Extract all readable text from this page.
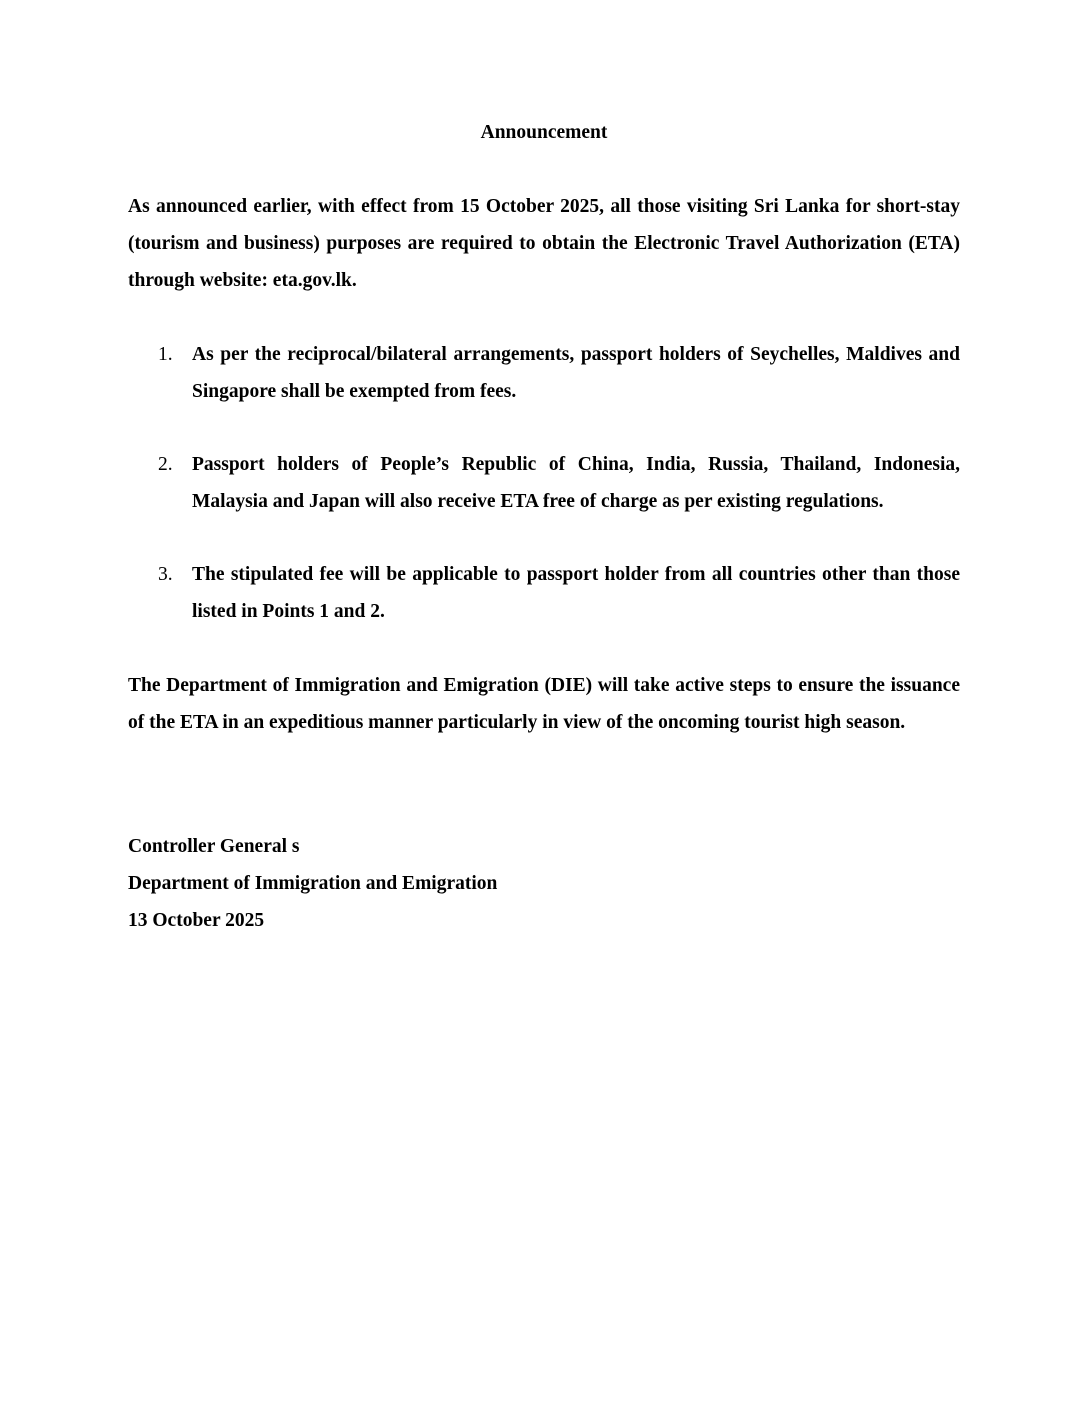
Announcement

As announced earlier, with effect from 15 October 2025, all those visiting Sri Lanka for short-stay (tourism and business) purposes are required to obtain the Electronic Travel Authorization (ETA) through website: eta.gov.lk.

1. As per the reciprocal/bilateral arrangements, passport holders of Seychelles, Maldives and Singapore shall be exempted from fees.
2. Passport holders of People’s Republic of China, India, Russia, Thailand, Indonesia, Malaysia and Japan will also receive ETA free of charge as per existing regulations.
3. The stipulated fee will be applicable to passport holder from all countries other than those listed in Points 1 and 2.

The Department of Immigration and Emigration (DIE) will take active steps to ensure the issuance of the ETA in an expeditious manner particularly in view of the oncoming tourist high season.

Controller General s
Department of Immigration and Emigration
13 October 2025
